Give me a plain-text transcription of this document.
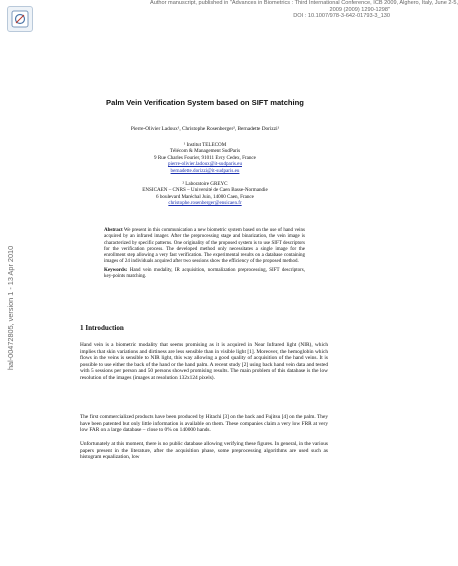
Author manuscript, published in "Advances in Biometrics : Third International Conference, ICB 2009, Alghero, Italy, June 2-5,
2009 (2009) 1290-1298"
DOI : 10.1007/978-3-642-01793-3_130
hal-00472805, version 1 - 13 Apr 2010
Palm Vein Verification System based on SIFT matching
Pierre-Olivier Ladoux¹, Christophe Rosenberger², Bernadette Dorizzi¹
¹ Institut TELECOM
Télécom & Management SudParis
9 Rue Charles Fourier, 91011 Evry Cedex, France
pierre-olivier.ladoux@it-sudparis.eu
bernadette.dorizzi@it-sudparis.eu
² Laboratoire GREYC
ENSICAEN – CNRS – Université de Caen Basse-Normandie
6 boulevard Maréchal Juin, 14000 Caen, France
christophe.rosenberger@ensicaen.fr

Abstract We present in this communication a new biometric system based on the use of hand veins acquired by an infrared imager. After the preprocessing stage and binarization, the vein image is characterized by specific patterns. One originality of the proposed system is to use SIFT descriptors for the verification process. The developed method only necessitates a single image for the enrollment step allowing a very fast verification. The experimental results on a database containing images of 24 individuals acquired after two sessions show the efficiency of the proposed method.

Keywords: Hand vein modality, IR acquisition, normalization preprocessing, SIFT descriptors, key-points matching.

1 Introduction

Hand vein is a biometric modality that seems promising as it is acquired in Near Infrared light (NIR), which implies that skin variations and dirtiness are less sensible than in visible light [1]. Moreover, the hemoglobin which flows in the veins is sensible to NIR light, this way allowing a good quality of acquisition of the hand veins. It is possible to use either the back of the hand or the hand palm. A recent study [2] using back hand vein data and tested with 5 sessions per person and 50 persons showed promising results. The main problem of this database is the low resolution of the images (images at resolution 132x124 pixels).

The first commercialized products have been produced by Hitachi [3] on the back and Fujitsu [4] on the palm. They have been patented but only little information is available on them. These companies claim a very low FRR at very low FAR on a large database – close to 0% on 140000 hands.

Unfortunately at this moment, there is no public database allowing verifying these figures. In general, in the various papers present in the literature, after the acquisition phase, some preprocessing algorithms are used such as histogram equalization, low
